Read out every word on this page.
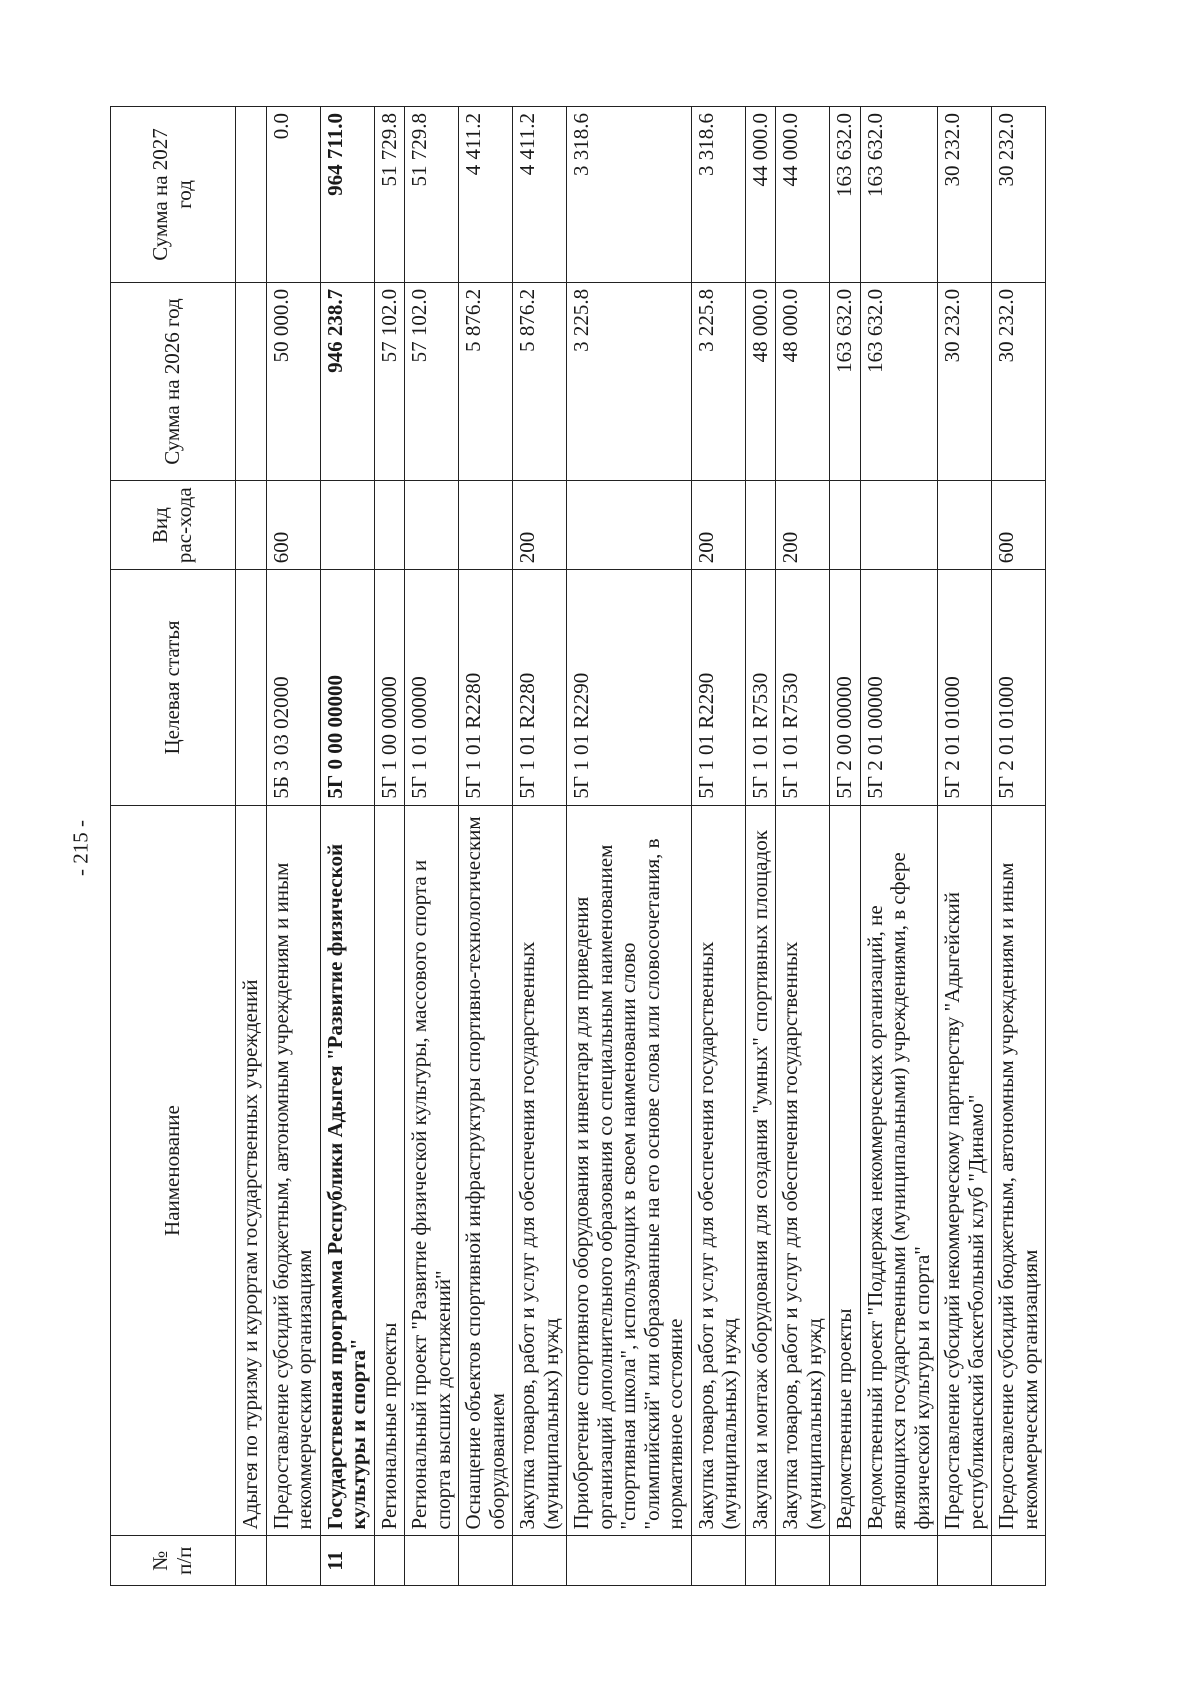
- 215 -
№ п/п	Наименование	Целевая статья	Вид рас-хода	Сумма на 2026 год	Сумма на 2027 год
	Адыгея по туризму и курортам государственных учреждений				
	Предоставление субсидий бюджетным, автономным учреждениям и иным некоммерческим организациям	5Б 3 03 02000	600	50 000.0	0.0
11	Государственная программа Республики Адыгея "Развитие физической культуры и спорта"	5Г 0 00 00000		946 238.7	964 711.0
	Региональные проекты	5Г 1 00 00000		57 102.0	51 729.8
	Региональный проект "Развитие физической культуры, массового спорта и спорта высших достижений"	5Г 1 01 00000		57 102.0	51 729.8
	Оснащение объектов спортивной инфраструктуры спортивно-технологическим оборудованием	5Г 1 01 R2280		5 876.2	4 411.2
	Закупка товаров, работ и услуг для обеспечения государственных (муниципальных) нужд	5Г 1 01 R2280	200	5 876.2	4 411.2
	Приобретение спортивного оборудования и инвентаря для приведения организаций дополнительного образования со специальным наименованием "спортивная школа", использующих в своем наименовании слово "олимпийский" или образованные на его основе слова или словосочетания, в нормативное состояние	5Г 1 01 R2290		3 225.8	3 318.6
	Закупка товаров, работ и услуг для обеспечения государственных (муниципальных) нужд	5Г 1 01 R2290	200	3 225.8	3 318.6
	Закупка и монтаж оборудования для создания "умных" спортивных площадок	5Г 1 01 R7530		48 000.0	44 000.0
	Закупка товаров, работ и услуг для обеспечения государственных (муниципальных) нужд	5Г 1 01 R7530	200	48 000.0	44 000.0
	Ведомственные проекты	5Г 2 00 00000		163 632.0	163 632.0
	Ведомственный проект "Поддержка некоммерческих организаций, не являющихся государственными (муниципальными) учреждениями, в сфере физической культуры и спорта"	5Г 2 01 00000		163 632.0	163 632.0
	Предоставление субсидий некоммерческому партнерству "Адыгейский республиканский баскетбольный клуб "Динамо"	5Г 2 01 01000		30 232.0	30 232.0
	Предоставление субсидий бюджетным, автономным учреждениям и иным некоммерческим организациям	5Г 2 01 01000	600	30 232.0	30 232.0
